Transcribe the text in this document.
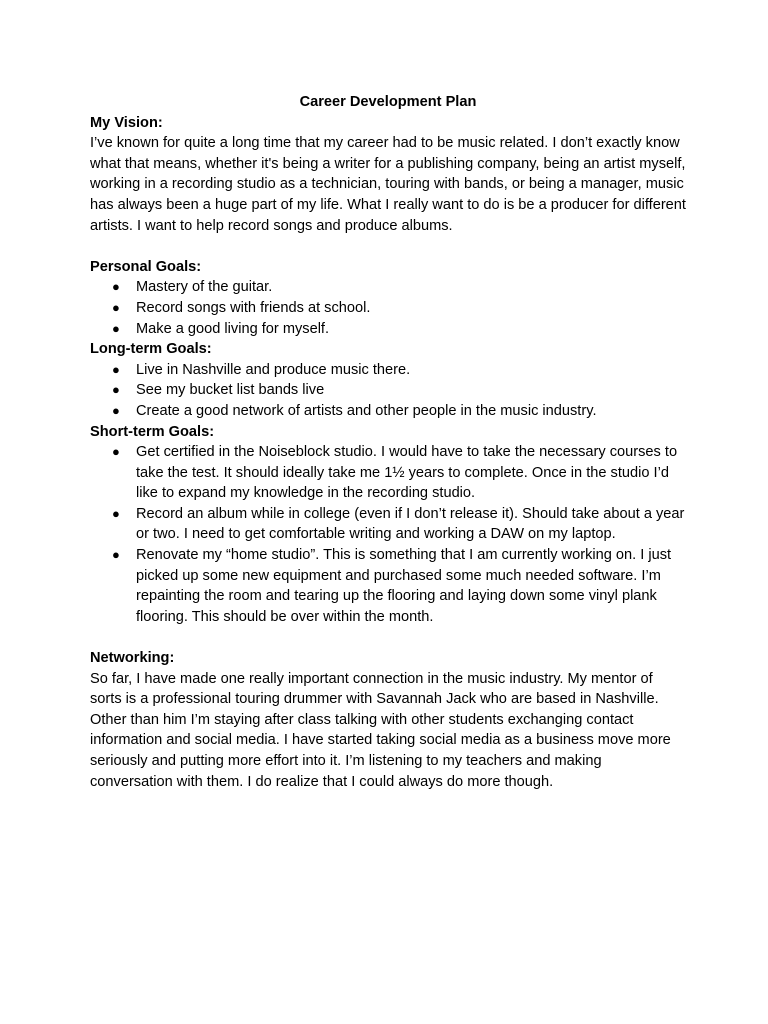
Career Development Plan

My Vision:

I’ve known for quite a long time that my career had to be music related. I don’t exactly know what that means, whether it's being a writer for a publishing company, being an artist myself, working in a recording studio as a technician, touring with bands, or being a manager, music has always been a huge part of my life. What I really want to do is be a producer for different artists. I want to help record songs and produce albums.

Personal Goals:

● Mastery of the guitar.
● Record songs with friends at school.
● Make a good living for myself.

Long-term Goals:

● Live in Nashville and produce music there.
● See my bucket list bands live
● Create a good network of artists and other people in the music industry.

Short-term Goals:

● Get certified in the Noiseblock studio. I would have to take the necessary courses to take the test. It should ideally take me 1½ years to complete. Once in the studio I’d like to expand my knowledge in the recording studio.
● Record an album while in college (even if I don’t release it). Should take about a year or two. I need to get comfortable writing and working a DAW on my laptop.
● Renovate my “home studio”. This is something that I am currently working on. I just picked up some new equipment and purchased some much needed software. I’m repainting the room and tearing up the flooring and laying down some vinyl plank flooring. This should be over within the month.

Networking:

So far, I have made one really important connection in the music industry. My mentor of sorts is a professional touring drummer with Savannah Jack who are based in Nashville. Other than him I’m staying after class talking with other students exchanging contact information and social media. I have started taking social media as a business move more seriously and putting more effort into it. I’m listening to my teachers and making conversation with them. I do realize that I could always do more though.
